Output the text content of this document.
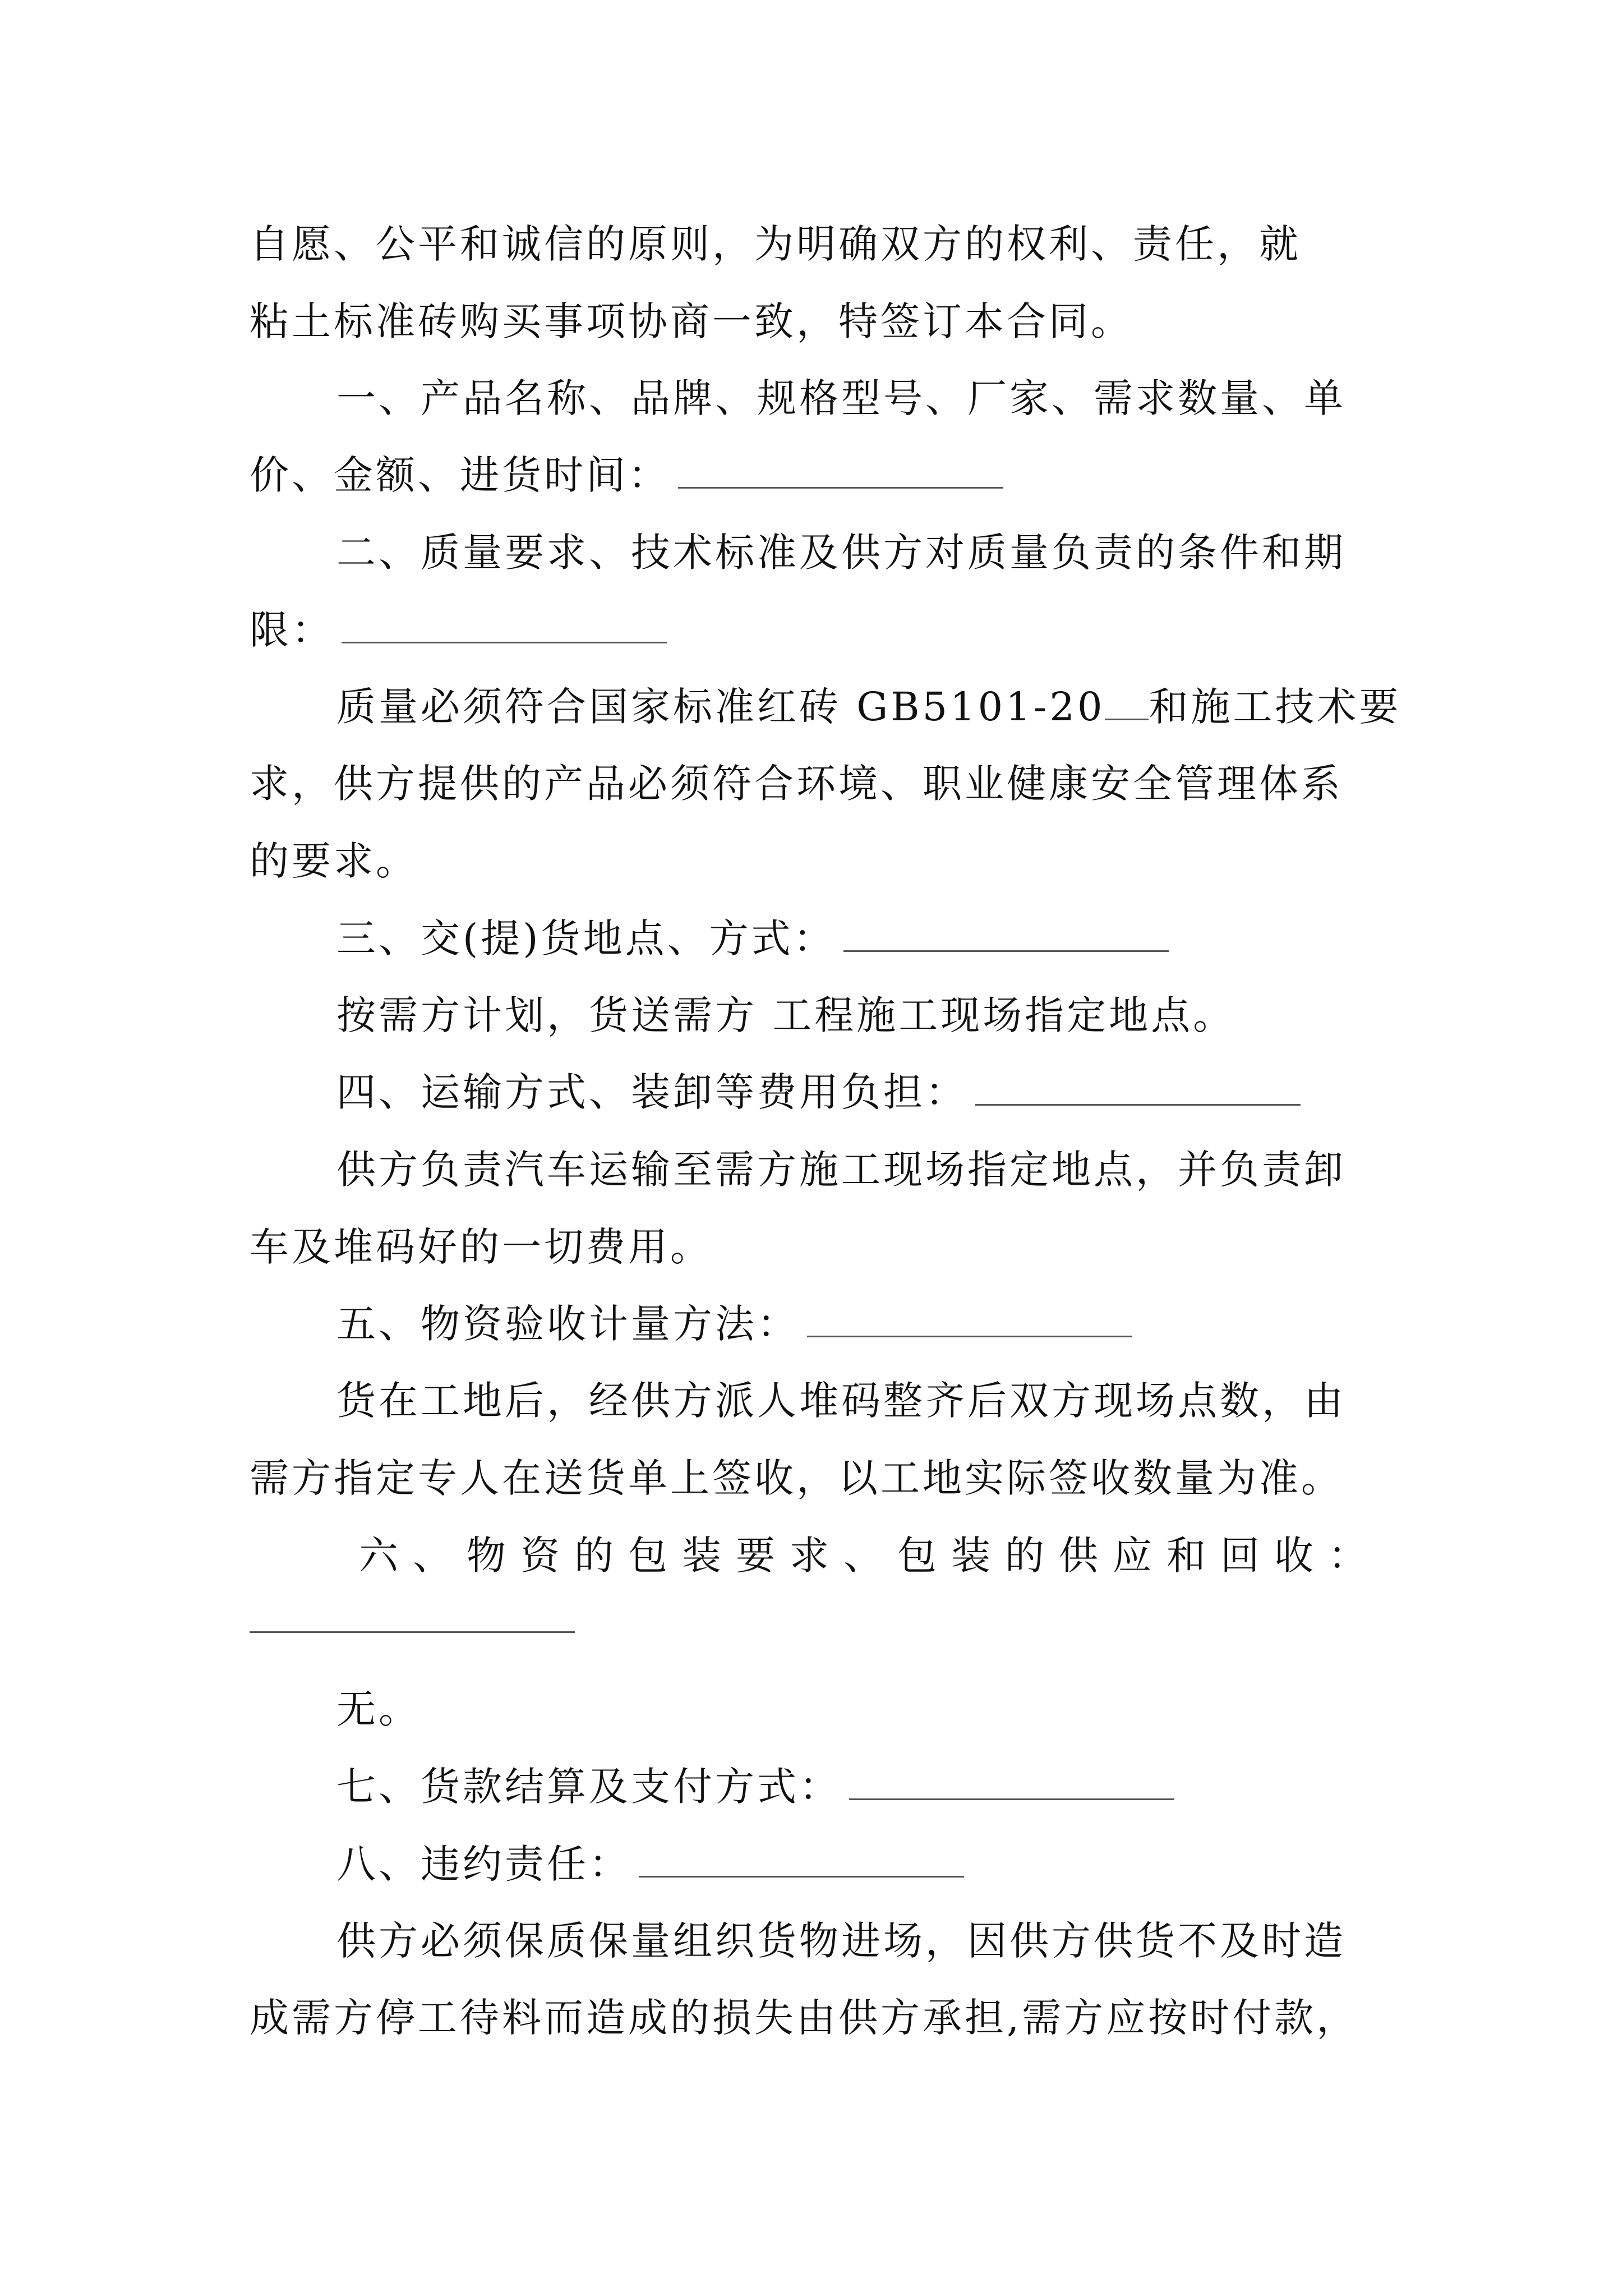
自愿、公平和诚信的原则，为明确双方的权利、责任，就
粘土标准砖购买事项协商一致，特签订本合同。
一、产品名称、品牌、规格型号、厂家、需求数量、单
价、金额、进货时间：
二、质量要求、技术标准及供方对质量负责的条件和期
限：
质量必须符合国家标准红砖 GB5101-20 和施工技术要
求，供方提供的产品必须符合环境、职业健康安全管理体系
的要求。
三、交(提)货地点、方式：
按需方计划，货送需方 工程施工现场指定地点。
四、运输方式、装卸等费用负担：
供方负责汽车运输至需方施工现场指定地点，并负责卸
车及堆码好的一切费用。
五、物资验收计量方法：
货在工地后，经供方派人堆码整齐后双方现场点数，由
需方指定专人在送货单上签收，以工地实际签收数量为准。
六、物资的包装要求、包装的供应和回收：
无。
七、货款结算及支付方式：
八、违约责任：
供方必须保质保量组织货物进场，因供方供货不及时造
成需方停工待料而造成的损失由供方承担,需方应按时付款，
